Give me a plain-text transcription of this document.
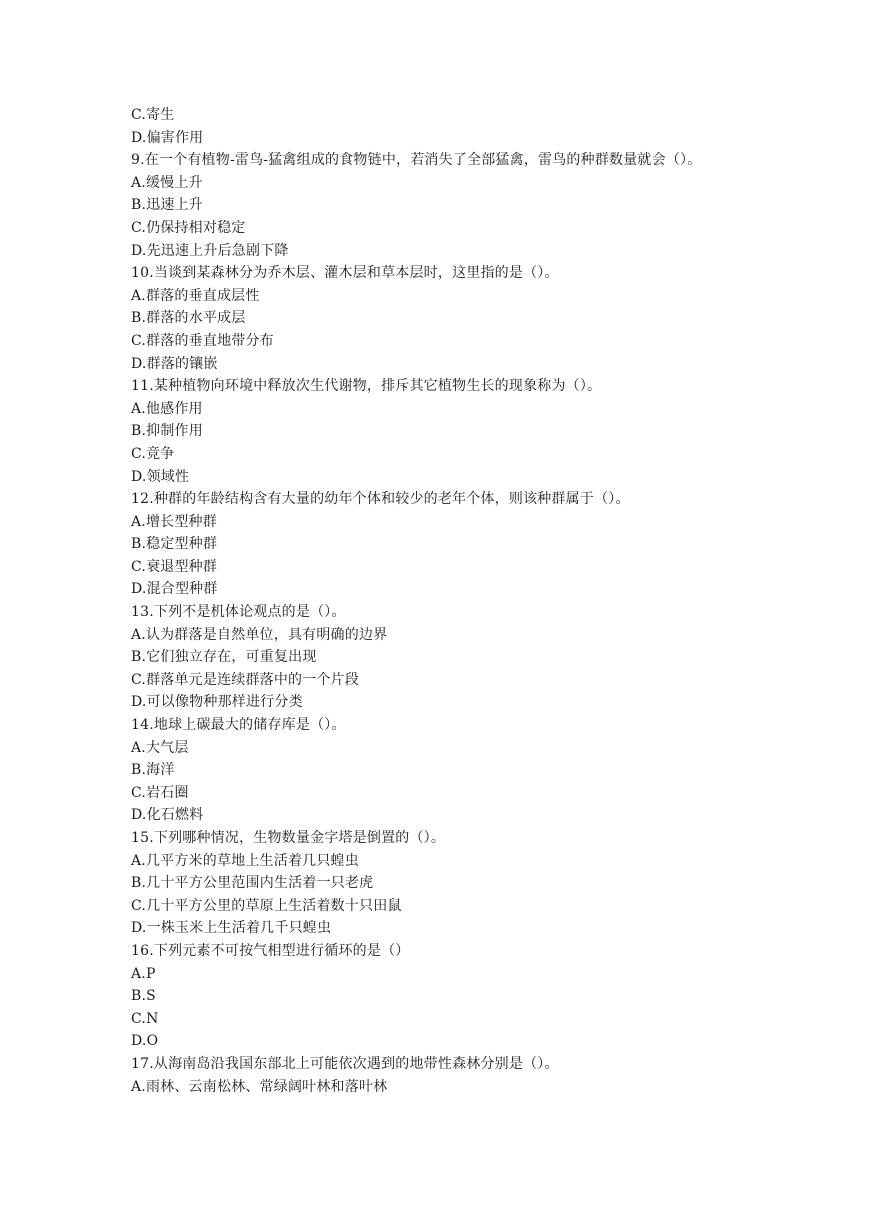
C.寄生
D.偏害作用
9.在一个有植物-雷鸟-猛禽组成的食物链中，若消失了全部猛禽，雷鸟的种群数量就会（）。
A.缓慢上升
B.迅速上升
C.仍保持相对稳定
D.先迅速上升后急剧下降
10.当谈到某森林分为乔木层、灌木层和草本层时，这里指的是（）。
A.群落的垂直成层性
B.群落的水平成层
C.群落的垂直地带分布
D.群落的镶嵌
11.某种植物向环境中释放次生代谢物，排斥其它植物生长的现象称为（）。
A.他感作用
B.抑制作用
C.竞争
D.领域性
12.种群的年龄结构含有大量的幼年个体和较少的老年个体，则该种群属于（）。
A.增长型种群
B.稳定型种群
C.衰退型种群
D.混合型种群
13.下列不是机体论观点的是（）。
A.认为群落是自然单位，具有明确的边界
B.它们独立存在，可重复出现
C.群落单元是连续群落中的一个片段
D.可以像物种那样进行分类
14.地球上碳最大的储存库是（）。
A.大气层
B.海洋
C.岩石圈
D.化石燃料
15.下列哪种情况，生物数量金字塔是倒置的（）。
A.几平方米的草地上生活着几只蝗虫
B.几十平方公里范围内生活着一只老虎
C.几十平方公里的草原上生活着数十只田鼠
D.一株玉米上生活着几千只蝗虫
16.下列元素不可按气相型进行循环的是（）
A.P
B.S
C.N
D.O
17.从海南岛沿我国东部北上可能依次遇到的地带性森林分别是（）。
A.雨林、云南松林、常绿阔叶林和落叶林
